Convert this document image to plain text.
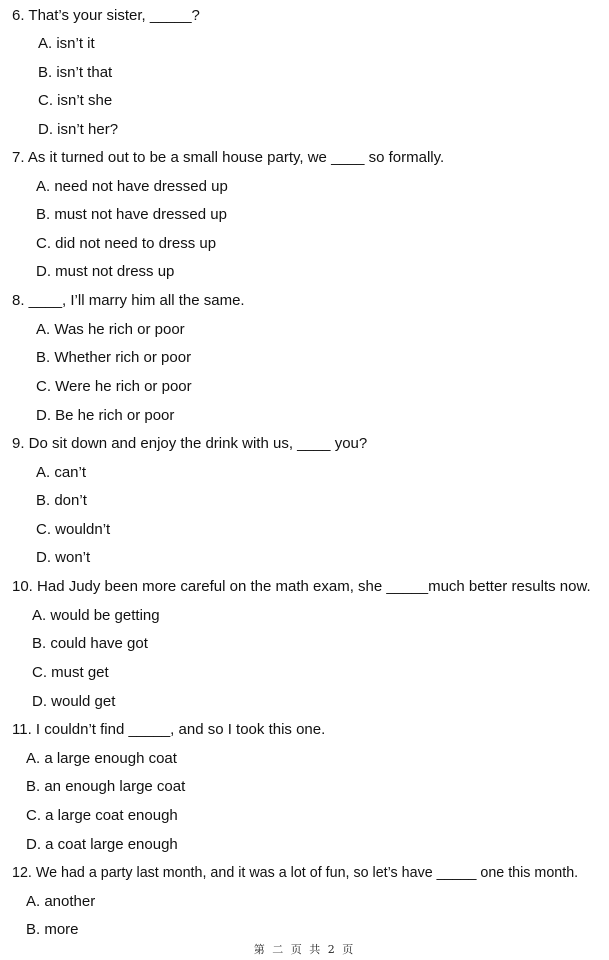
6. That’s your sister, _____?
A. isn’t it
B. isn’t that
C. isn’t she
D. isn’t her?
7. As it turned out to be a small house party, we ____ so formally.
A. need not have dressed up
B. must not have dressed up
C. did not need to dress up
D. must not dress up
8. ____, I’ll marry him all the same.
A. Was he rich or poor
B. Whether rich or poor
C. Were he rich or poor
D. Be he rich or poor
9. Do sit down and enjoy the drink with us, ____ you?
A. can’t
B. don’t
C. wouldn’t
D. won’t
10. Had Judy been more careful on the math exam, she _____much better results now.
A. would be getting
B. could have got
C. must get
D. would get
11. I couldn’t find _____, and so I took this one.
A. a large enough coat
B. an enough large coat
C. a large coat enough
D. a coat large enough
12. We had a party last month, and it was a lot of fun, so let’s have _____ one this month.
A. another
B. more
第 二 页 共 2 页
